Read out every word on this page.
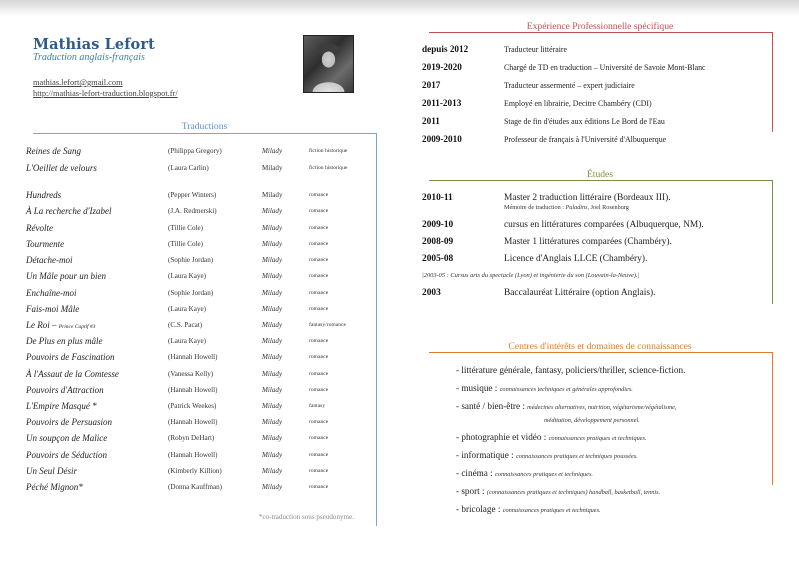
Mathias Lefort
Traduction anglais-français
mathias.lefort@gmail.com
http://mathias-lefort-traduction.blogspot.fr/
Traductions
Reines de Sang	(Philippa Gregory)	Milady	fiction historique
L'Oeillet de velours	(Laura Carlin)	Milady	fiction historique
Hundreds	(Pepper Winters)	Milady	romance
À La recherche d'Izabel	(J.A. Redmerski)	Milady	romance
Révolte	(Tillie Cole)	Milady	romance
Tourmente	(Tillie Cole)	Milady	romance
Détache-moi	(Sophie Jordan)	Milady	romance
Un Mâle pour un bien	(Laura Kaye)	Milady	romance
Enchaîne-moi	(Sophie Jordan)	Milady	romance
Fais-moi Mâle	(Laura Kaye)	Milady	romance
Le Roi – Prince Captif #3	(C.S. Pacat)	Milady	fantasy/romance
De Plus en plus mâle	(Laura Kaye)	Milady	romance
Pouvoirs de Fascination	(Hannah Howell)	Milady	romance
À l'Assaut de la Comtesse	(Vanessa Kelly)	Milady	romance
Pouvoirs d'Attraction	(Hannah Howell)	Milady	romance
L'Empire Masqué *	(Patrick Weekes)	Milady	fantasy
Pouvoirs de Persuasion	(Hannah Howell)	Milady	romance
Un soupçon de Malice	(Robyn DeHart)	Milady	romance
Pouvoirs de Séduction	(Hannah Howell)	Milady	romance
Un Seul Désir	(Kimberly Killion)	Milady	romance
Péché Mignon*	(Donna Kauffman)	Milady	romance
*co-traduction sous pseudonyme.
Expérience Professionnelle spécifique
depuis 2012	Traducteur littéraire
2019-2020	Chargé de TD en traduction – Université de Savoie Mont-Blanc
2017	Traducteur assermenté – expert judiciaire
2011-2013	Employé en librairie, Decitre Chambéry (CDI)
2011	Stage de fin d'études aux éditions Le Bord de l'Eau
2009-2010	Professeur de français à l'Université d'Albuquerque
Études
2010-11	Master 2 traduction littéraire (Bordeaux III).
Mémoire de traduction : Paladins, Joel Rosenburg
2009-10	cursus en littératures comparées (Albuquerque, NM).
2008-09	Master 1 littératures comparées (Chambéry).
2005-08	Licence d'Anglais LLCE (Chambéry).
|2003-05 : Cursus arts du spectacle (Lyon) et ingénierie du son (Louvain-la-Neuve).|
2003	Baccalauréat Littéraire (option Anglais).
Centres d'intérêts et domaines de connaissances
- littérature générale, fantasy, policiers/thriller, science-fiction.
- musique : connaissances techniques et générales approfondies.
- santé / bien-être : médecines alternatives, nutrition, végétarisme/végétalisme,
méditation, développement personnel.
- photographie et vidéo : connaissances pratiques et techniques.
- informatique : connaissances pratiques et techniques poussées.
- cinéma : connaissances pratiques et techniques.
- sport : (connaissances pratiques et techniques) handball, basketball, tennis.
- bricolage : connaissances pratiques et techniques.
